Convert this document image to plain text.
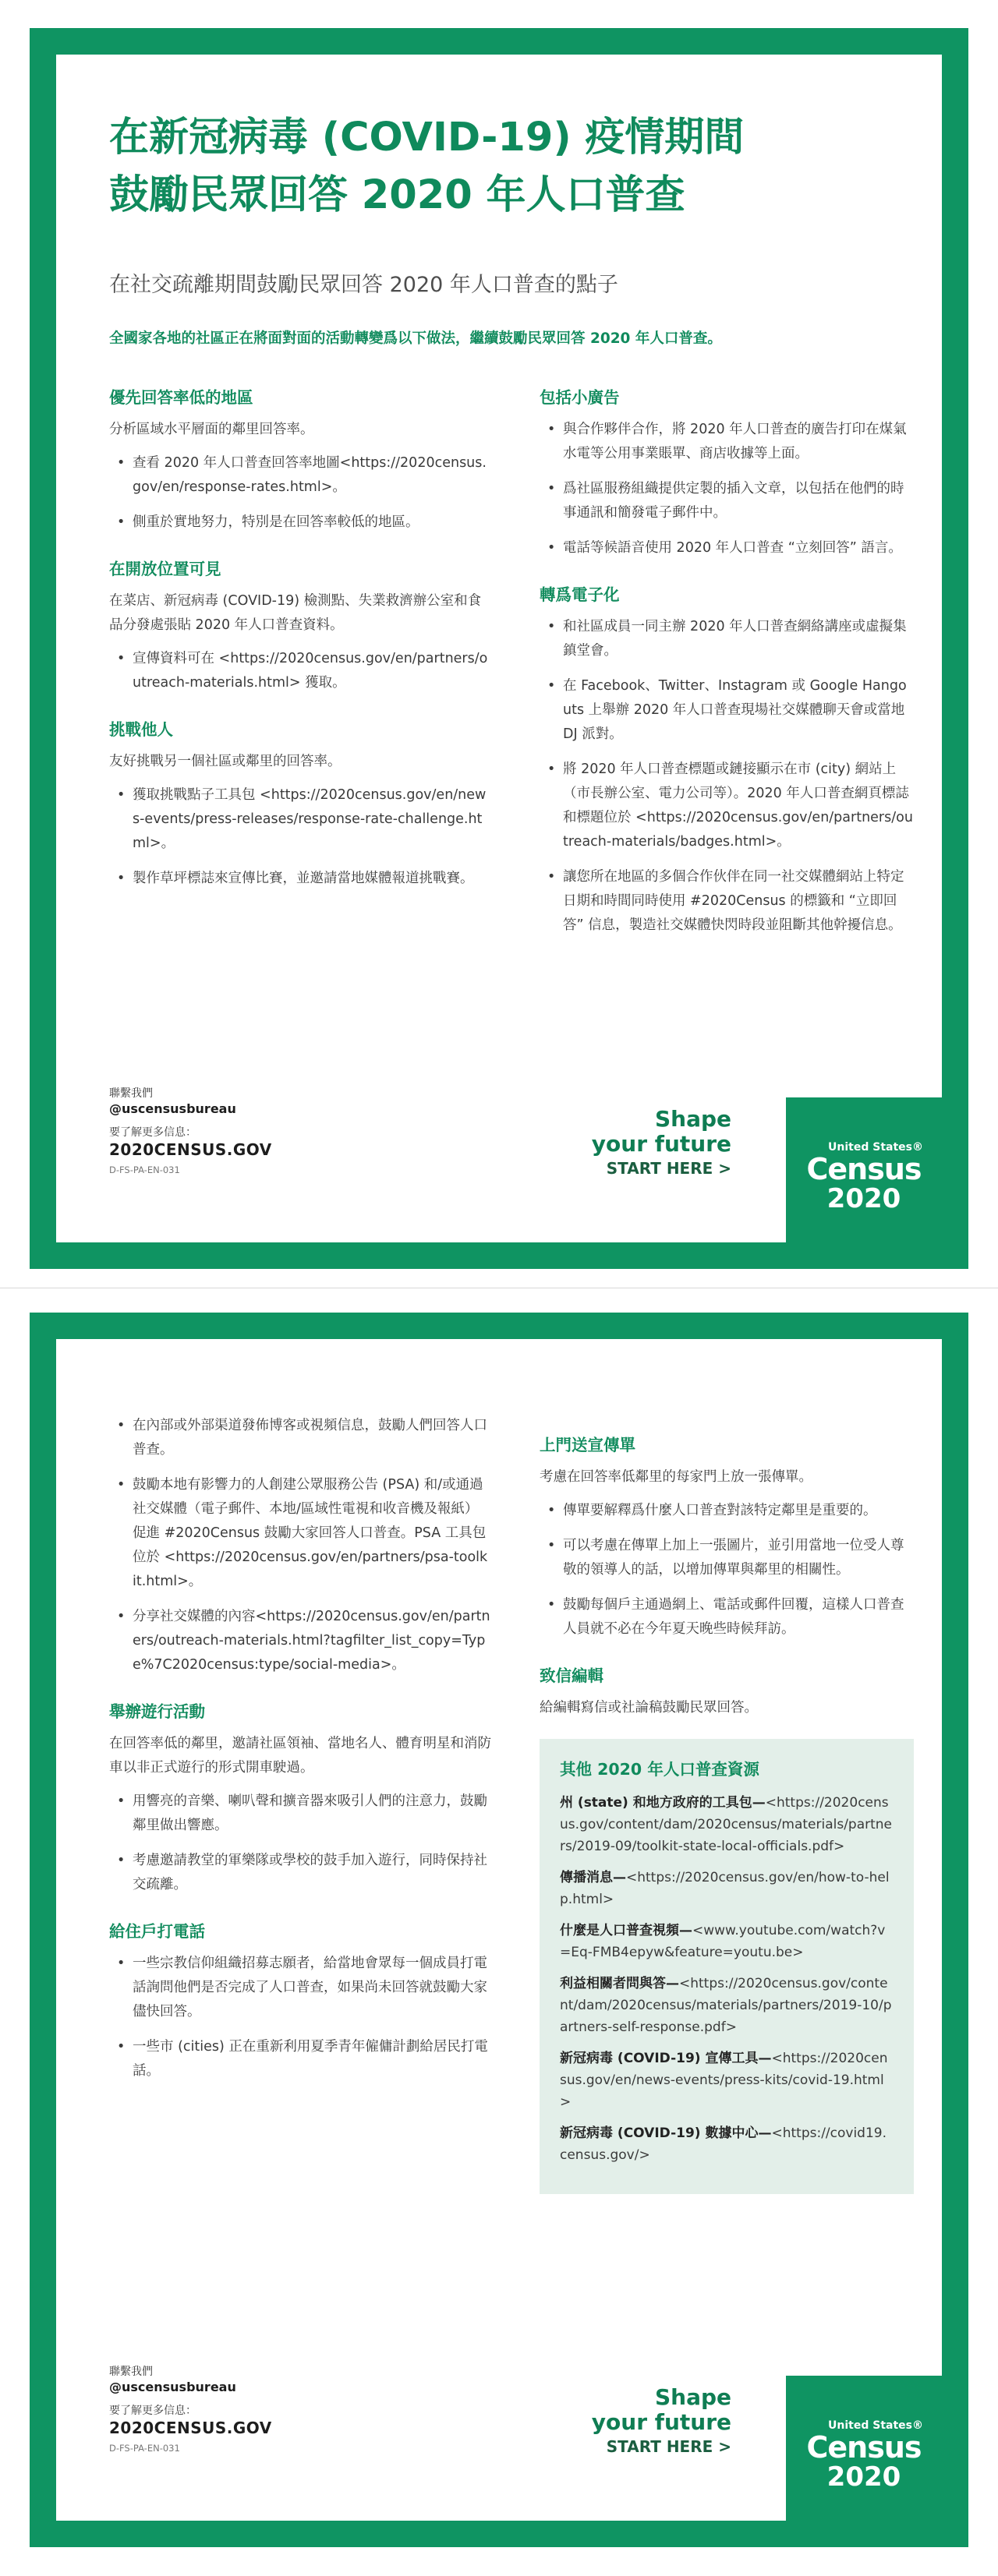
在新冠病毒 (COVID-19) 疫情期間
鼓勵民眾回答 2020 年人口普查
在社交疏離期間鼓勵民眾回答 2020 年人口普查的點子
全國家各地的社區正在將面對面的活動轉變爲以下做法，繼續鼓勵民眾回答 2020 年人口普查。
優先回答率低的地區
分析區域水平層面的鄰里回答率。
• 查看 2020 年人口普查回答率地圖<https://2020census.gov/en/response-rates.html>。
• 側重於實地努力，特別是在回答率較低的地區。
在開放位置可見
在菜店、新冠病毒 (COVID-19) 檢測點、失業救濟辦公室和食品分發處張貼 2020 年人口普查資料。
• 宣傳資料可在 <https://2020census.gov/en/partners/outreach-materials.html> 獲取。
挑戰他人
友好挑戰另一個社區或鄰里的回答率。
• 獲取挑戰點子工具包 <https://2020census.gov/en/news-events/press-releases/response-rate-challenge.html>。
• 製作草坪標誌來宣傳比賽，並邀請當地媒體報道挑戰賽。
包括小廣告
• 與合作夥伴合作，將 2020 年人口普查的廣告打印在煤氣水電等公用事業賬單、商店收據等上面。
• 爲社區服務組織提供定製的插入文章，以包括在他們的時事通訊和簡發電子郵件中。
• 電話等候語音使用 2020 年人口普查 “立刻回答” 語言。
轉爲電子化
• 和社區成員一同主辦 2020 年人口普查網絡講座或虛擬集鎮堂會。
• 在 Facebook、Twitter、Instagram 或 Google Hangouts 上舉辦 2020 年人口普查現場社交媒體聊天會或當地 DJ 派對。
• 將 2020 年人口普查標題或鏈接顯示在市 (city) 網站上（市長辦公室、電力公司等）。2020 年人口普查網頁標誌和標題位於 <https://2020census.gov/en/partners/outreach-materials/badges.html>。
• 讓您所在地區的多個合作伙伴在同一社交媒體網站上特定日期和時間同時使用 #2020Census 的標籤和 “立即回答” 信息，製造社交媒體快閃時段並阻斷其他幹擾信息。
聯繫我們
@uscensusbureau
要了解更多信息：
2020CENSUS.GOV
D-FS-PA-EN-031
Shape
your future
START HERE >
United States®
Census
2020
• 在內部或外部渠道發佈博客或視頻信息，鼓勵人們回答人口普查。
• 鼓勵本地有影響力的人創建公眾服務公告 (PSA) 和/或通過社交媒體（電子郵件、本地/區域性電視和收音機及報紙）促進 #2020Census 鼓勵大家回答人口普查。PSA 工具包位於 <https://2020census.gov/en/partners/psa-toolkit.html>。
• 分享社交媒體的內容<https://2020census.gov/en/partners/outreach-materials.html?tagfilter_list_copy=Type%7C2020census:type/social-media>。
舉辦遊行活動
在回答率低的鄰里，邀請社區領袖、當地名人、體育明星和消防車以非正式遊行的形式開車駛過。
• 用響亮的音樂、喇叭聲和擴音器來吸引人們的注意力，鼓勵鄰里做出響應。
• 考慮邀請教堂的軍樂隊或學校的鼓手加入遊行，同時保持社交疏離。
給住戶打電話
• 一些宗教信仰組織招募志願者，給當地會眾每一個成員打電話詢問他們是否完成了人口普查，如果尚未回答就鼓勵大家儘快回答。
• 一些市 (cities) 正在重新利用夏季青年僱傭計劃給居民打電話。
上門送宣傳單
考慮在回答率低鄰里的每家門上放一張傳單。
• 傳單要解釋爲什麼人口普查對該特定鄰里是重要的。
• 可以考慮在傳單上加上一張圖片，並引用當地一位受人尊敬的領導人的話，以增加傳單與鄰里的相關性。
• 鼓勵每個戶主通過網上、電話或郵件回覆，這樣人口普查人員就不必在今年夏天晚些時候拜訪。
致信編輯
給編輯寫信或社論稿鼓勵民眾回答。
其他 2020 年人口普查資源
州 (state) 和地方政府的工具包—<https://2020census.gov/content/dam/2020census/materials/partners/2019-09/toolkit-state-local-officials.pdf>
傳播消息—<https://2020census.gov/en/how-to-help.html>
什麼是人口普查視頻—<www.youtube.com/watch?v=Eq-FMB4epyw&feature=youtu.be>
利益相關者問與答—<https://2020census.gov/content/dam/2020census/materials/partners/2019-10/partners-self-response.pdf>
新冠病毒 (COVID-19) 宣傳工具—<https://2020census.gov/en/news-events/press-kits/covid-19.html>
新冠病毒 (COVID-19) 數據中心—<https://covid19.census.gov/>
聯繫我們
@uscensusbureau
要了解更多信息：
2020CENSUS.GOV
D-FS-PA-EN-031
Shape
your future
START HERE >
United States®
Census
2020
